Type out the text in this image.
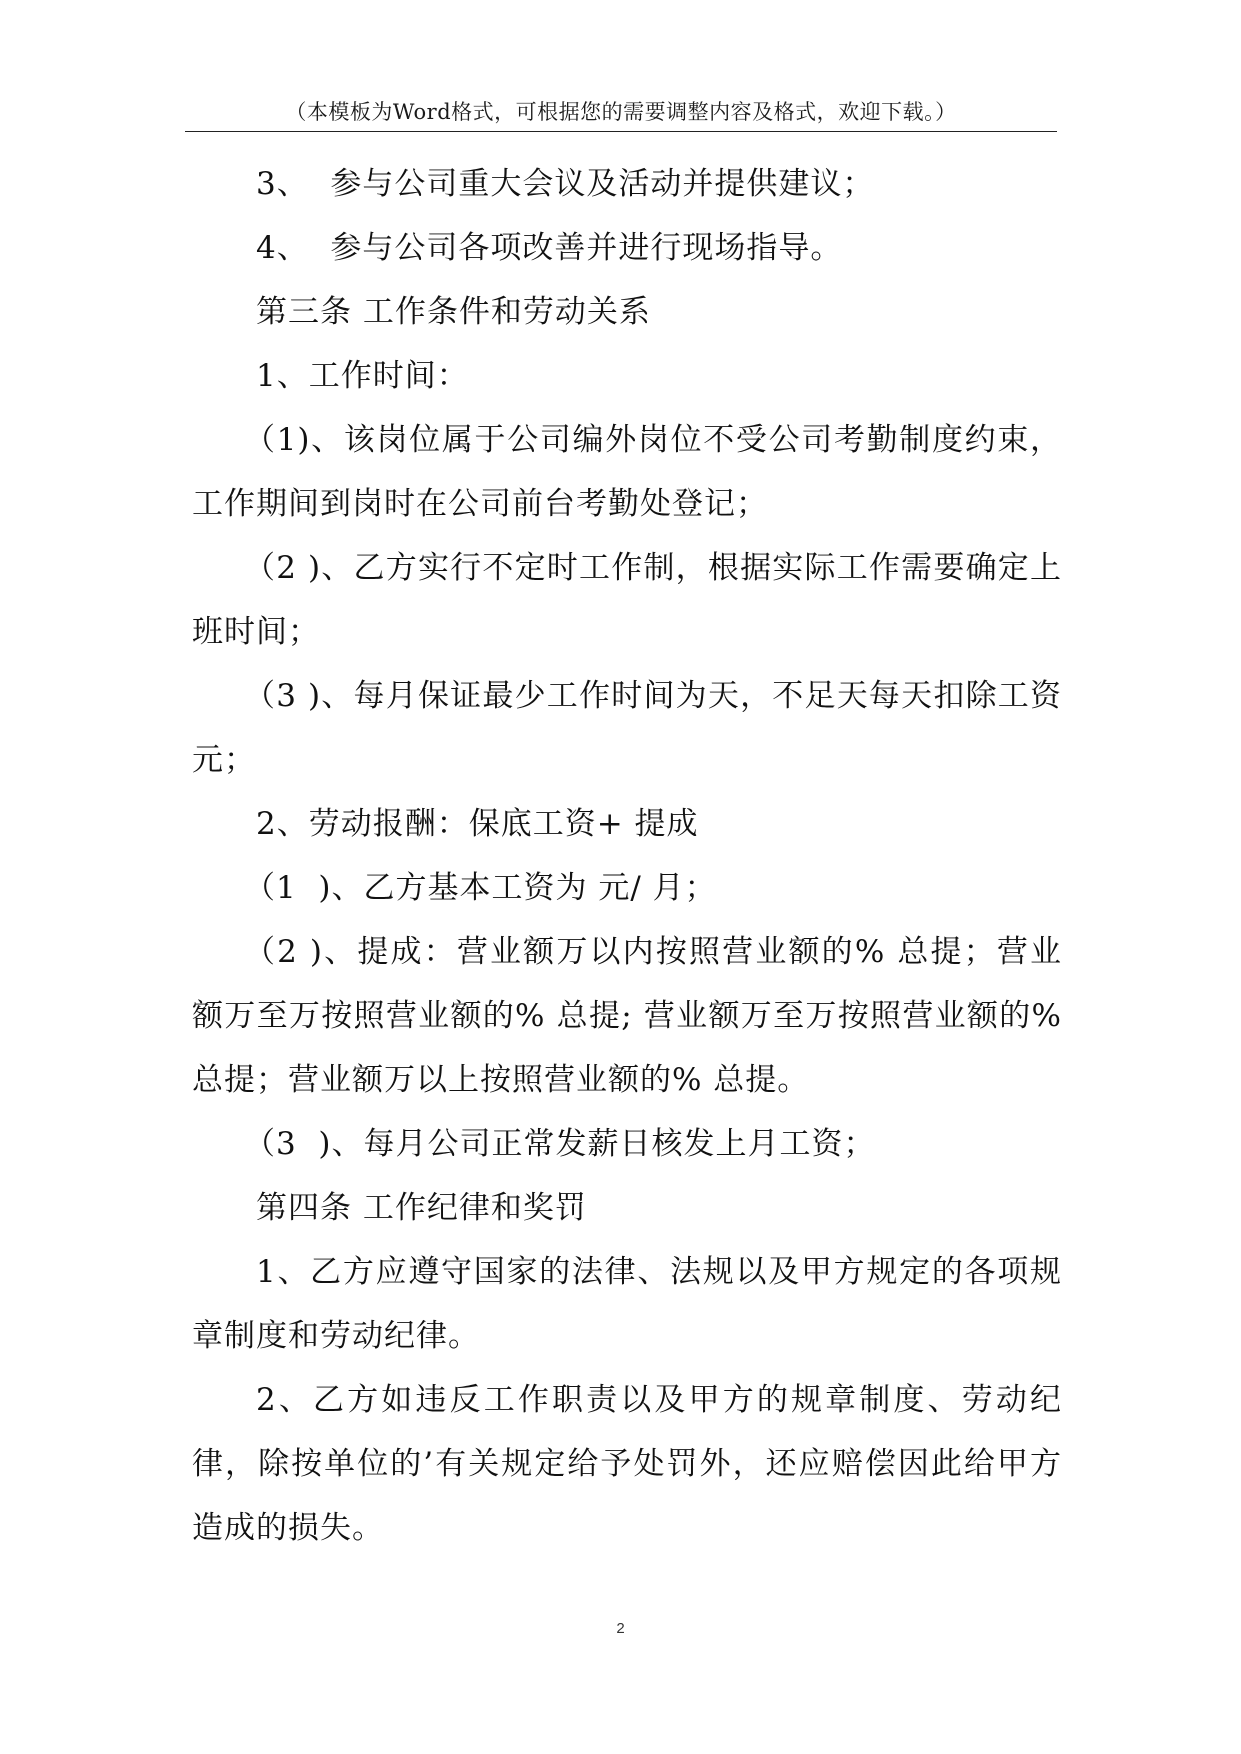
（本模板为Word格式，可根据您的需要调整内容及格式，欢迎下载。）

3、  参与公司重大会议及活动并提供建议；

4、  参与公司各项改善并进行现场指导。

第三条 工作条件和劳动关系

1、工作时间：

（1)、该岗位属于公司编外岗位不受公司考勤制度约束，工作期间到岗时在公司前台考勤处登记；

（2 )、乙方实行不定时工作制，根据实际工作需要确定上班时间；

（3 )、每月保证最少工作时间为天，不足天每天扣除工资元；

2、劳动报酬：保底工资+ 提成

（1  )、乙方基本工资为 元/ 月；

（2 )、提成：营业额万以内按照营业额的% 总提；营业额万至万按照营业额的% 总提; 营业额万至万按照营业额的% 总提；营业额万以上按照营业额的% 总提。

（3  )、每月公司正常发薪日核发上月工资；

第四条 工作纪律和奖罚

1、乙方应遵守国家的法律、法规以及甲方规定的各项规章制度和劳动纪律。

2、乙方如违反工作职责以及甲方的规章制度、劳动纪律，除按单位的’有关规定给予处罚外，还应赔偿因此给甲方造成的损失。

2
